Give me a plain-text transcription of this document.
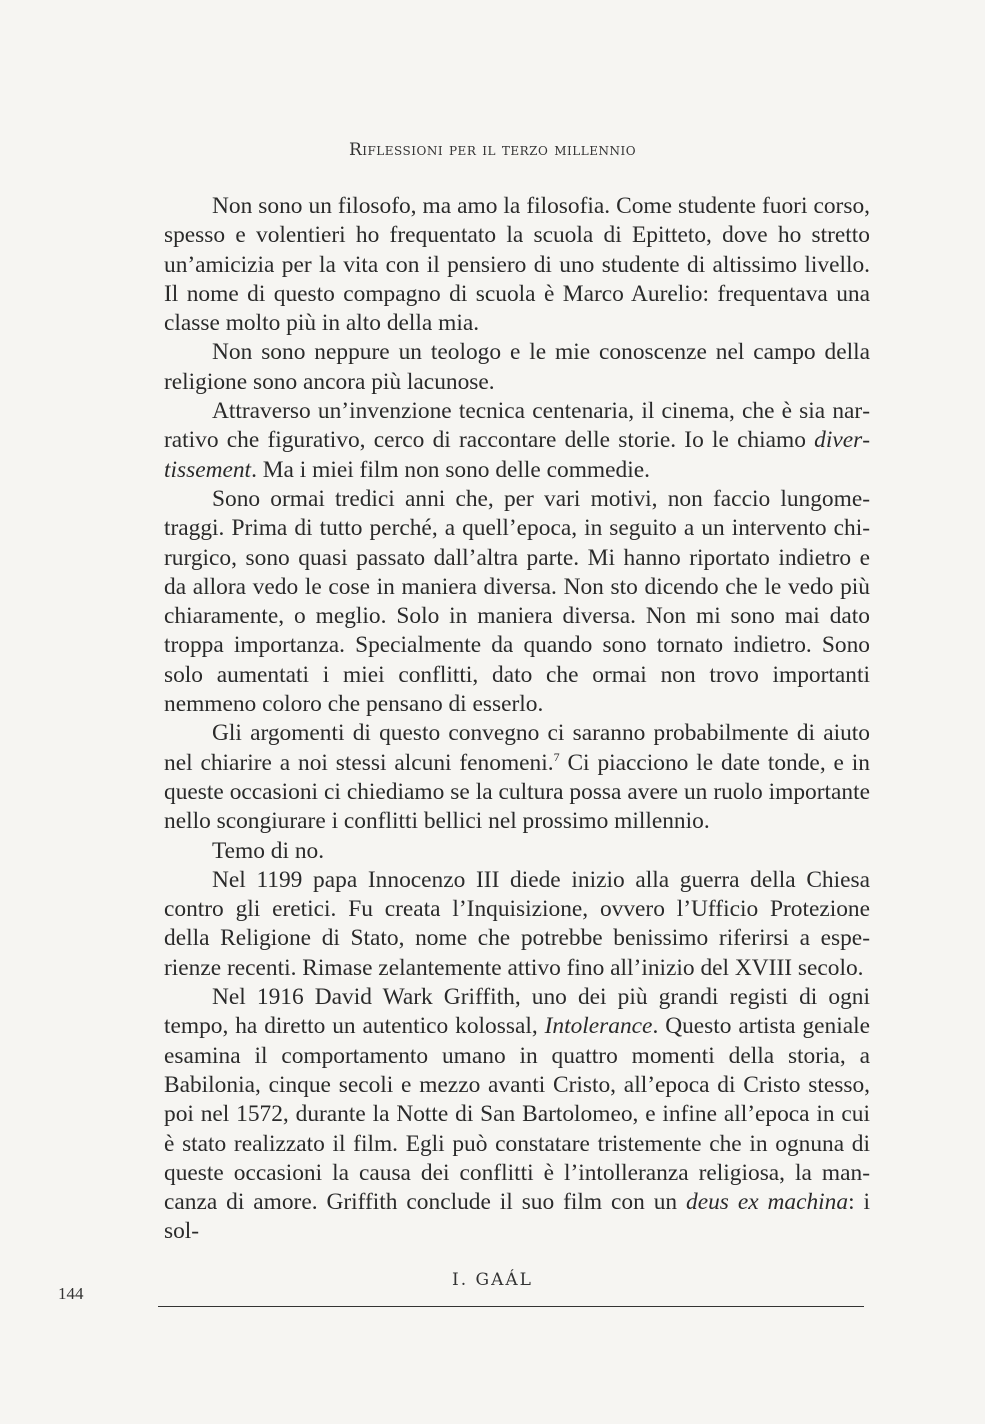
Riflessioni per il terzo millennio

Non sono un filosofo, ma amo la filosofia. Come studente fuori corso, spesso e volentieri ho frequentato la scuola di Epitteto, dove ho stretto un’amicizia per la vita con il pensiero di uno studente di altissimo livello. Il nome di questo compagno di scuola è Marco Aurelio: frequentava una classe molto più in alto della mia.

Non sono neppure un teologo e le mie conoscenze nel campo della religione sono ancora più lacunose.

Attraverso un’invenzione tecnica centenaria, il cinema, che è sia narrativo che figurativo, cerco di raccontare delle storie. Io le chiamo divertissement. Ma i miei film non sono delle commedie.

Sono ormai tredici anni che, per vari motivi, non faccio lungometraggi. Prima di tutto perché, a quell’epoca, in seguito a un intervento chirurgico, sono quasi passato dall’altra parte. Mi hanno riportato indietro e da allora vedo le cose in maniera diversa. Non sto dicendo che le vedo più chiaramente, o meglio. Solo in maniera diversa. Non mi sono mai dato troppa importanza. Specialmente da quando sono tornato indietro. Sono solo aumentati i miei conflitti, dato che ormai non trovo importanti nemmeno coloro che pensano di esserlo.

Gli argomenti di questo convegno ci saranno probabilmente di aiuto nel chiarire a noi stessi alcuni fenomeni.$^7$ Ci piacciono le date tonde, e in queste occasioni ci chiediamo se la cultura possa avere un ruolo importante nello scongiurare i conflitti bellici nel prossimo millennio.

Temo di no.

Nel 1199 papa Innocenzo III diede inizio alla guerra della Chiesa contro gli eretici. Fu creata l’Inquisizione, ovvero l’Ufficio Protezione della Religione di Stato, nome che potrebbe benissimo riferirsi a esperienze recenti. Rimase zelantemente attivo fino all’inizio del XVIII secolo.

Nel 1916 David Wark Griffith, uno dei più grandi registi di ogni tempo, ha diretto un autentico kolossal, Intolerance. Questo artista geniale esamina il comportamento umano in quattro momenti della storia, a Babilonia, cinque secoli e mezzo avanti Cristo, all’epoca di Cristo stesso, poi nel 1572, durante la Notte di San Bartolomeo, e infine all’epoca in cui è stato realizzato il film. Egli può constatare tristemente che in ognuna di queste occasioni la causa dei conflitti è l’intolleranza religiosa, la mancanza di amore. Griffith conclude il suo film con un deus ex machina: i sol-

144
I. GAÁL
